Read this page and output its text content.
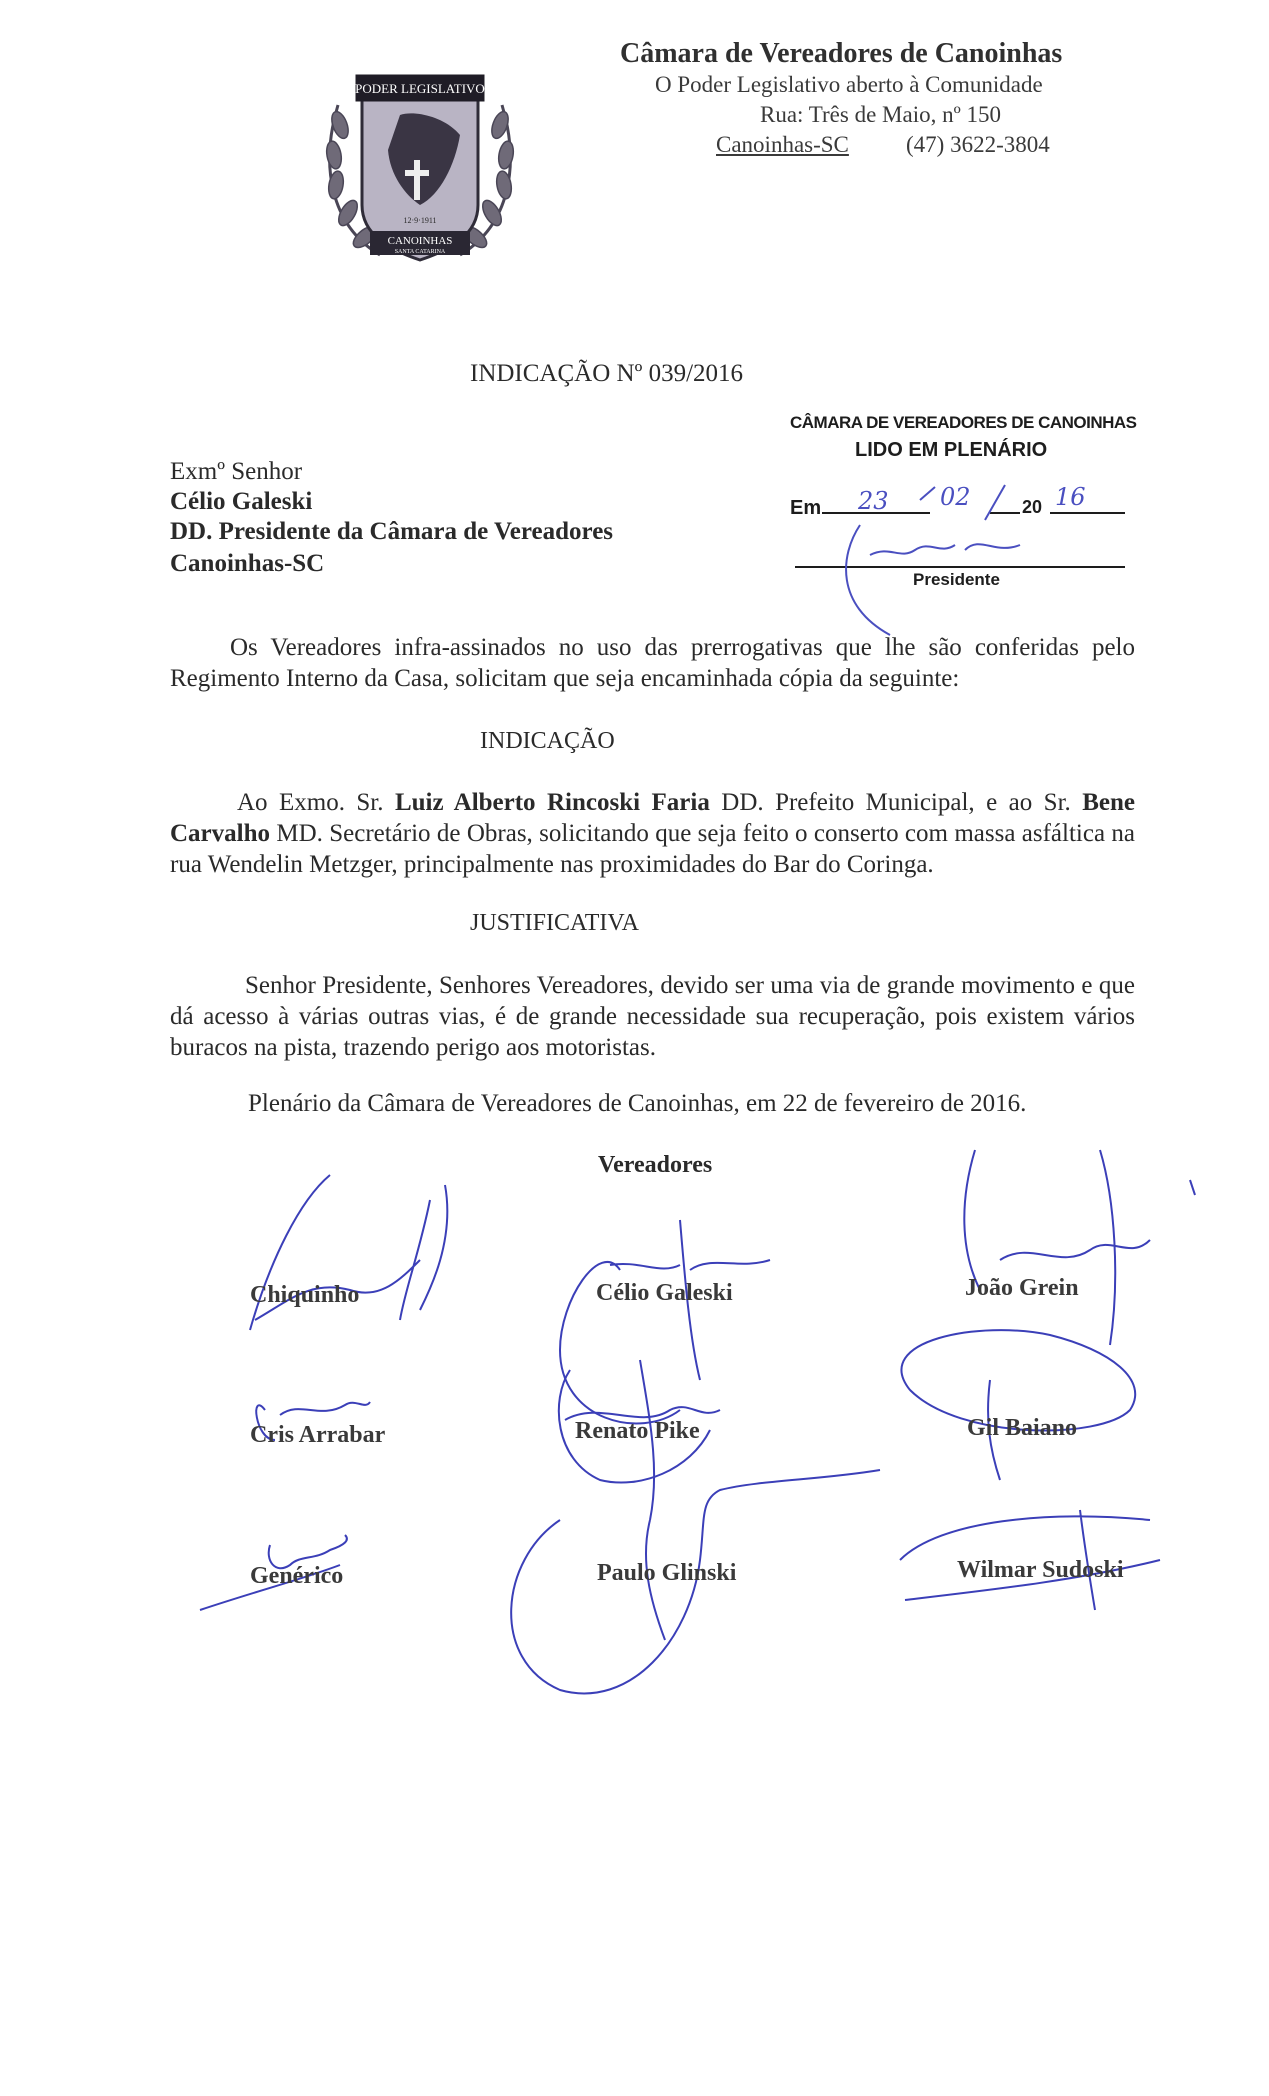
PODER LEGISLATIVO
12·9·1911
CANOINHAS
SANTA CATARINA
Câmara de Vereadores de Canoinhas
O Poder Legislativo aberto à Comunidade
Rua: Três de Maio, nº 150
Canoinhas-SC (47) 3622-3804
INDICAÇÃO Nº 039/2016
CÂMARA DE VEREADORES DE CANOINHAS
LIDO EM PLENÁRIO
Em 23 02	20 16
Presidente
Exmº Senhor
Célio Galeski
DD. Presidente da Câmara de Vereadores
Canoinhas-SC
Os Vereadores infra-assinados no uso das prerrogativas que lhe são conferidas pelo Regimento Interno da Casa, solicitam que seja encaminhada cópia da seguinte:
INDICAÇÃO
Ao Exmo. Sr. Luiz Alberto Rincoski Faria DD. Prefeito Municipal, e ao Sr. Bene Carvalho MD. Secretário de Obras, solicitando que seja feito o conserto com massa asfáltica na rua Wendelin Metzger, principalmente nas proximidades do Bar do Coringa.
JUSTIFICATIVA
Senhor Presidente, Senhores Vereadores, devido ser uma via de grande movimento e que dá acesso à várias outras vias, é de grande necessidade sua recuperação, pois existem vários buracos na pista, trazendo perigo aos motoristas.
Plenário da Câmara de Vereadores de Canoinhas, em 22 de fevereiro de 2016.
Vereadores
Chiquinho	Célio Galeski	João Grein
Cris Arrabar	Renato Pike	Gil Baiano
Genérico	Paulo Glinski	Wilmar Sudoski
